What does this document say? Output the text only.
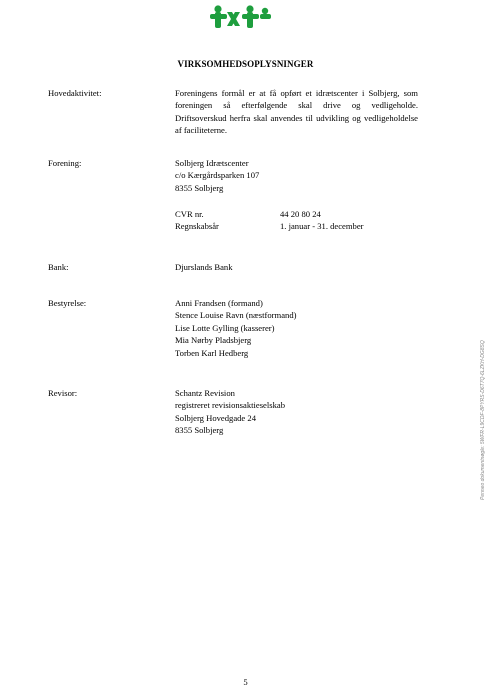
VIRKSOMHEDSOPLYSNINGER
Hovedaktivitet:	Foreningens formål er at få opført et idrætscenter i Solbjerg, som foreningen så efterfølgende skal drive og vedligeholde. Driftsoverskud herfra skal anvendes til udvikling og vedligeholdelse af faciliteterne.
Forening:	Solbjerg Idrætscenter
c/o Kærgårdsparken 107
8355 Solbjerg
CVR nr.	44 20 80 24
Regnskabsår	1. januar - 31. december
Bank:	Djurslands Bank
Bestyrelse:	Anni Frandsen (formand)
Stence Louise Ravn (næstformand)
Lise Lotte Gylling (kasserer)
Mia Nørby Pladsbjerg
Torben Karl Hedberg
Revisor:	Schantz Revision
registreret revisionsaktieselskab
Solbjerg Hovedgade 24
8355 Solbjerg	Penneo dokumentnøgle: 5WFR-L9CDF-8PYRS-D6T7Q-6LZKH-DG8SQ
5
